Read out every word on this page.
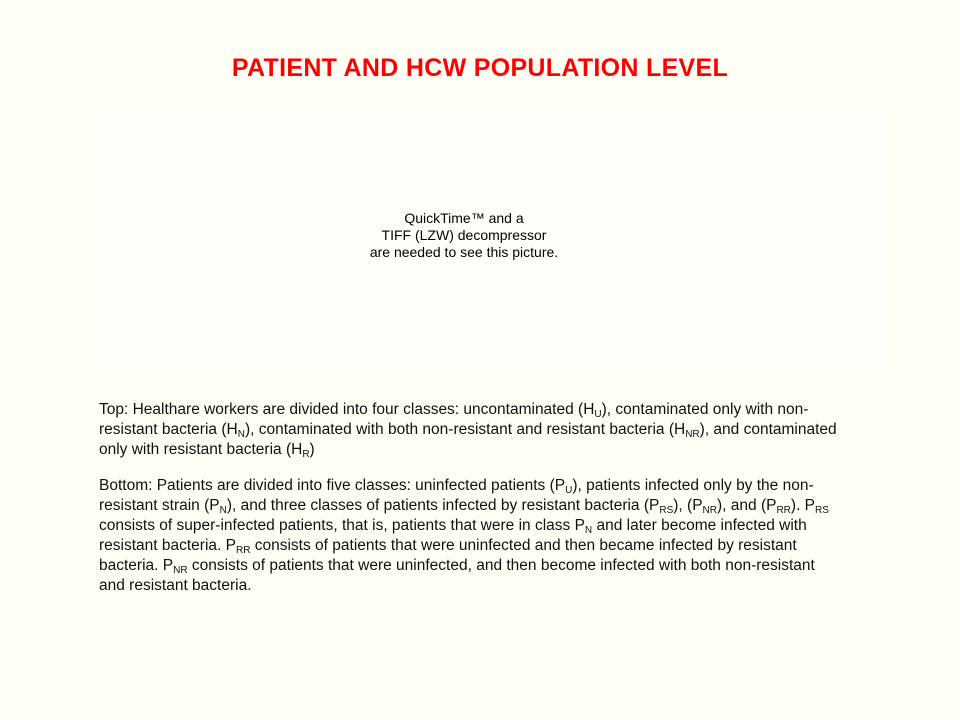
PATIENT AND HCW POPULATION LEVEL

QuickTime™ and a
TIFF (LZW) decompressor
are needed to see this picture.

Top: Healthare workers are divided into four classes: uncontaminated $(H_U)$, contaminated only with non-resistant bacteria $(H_N)$, contaminated with both non-resistant and resistant bacteria $(H_{NR})$, and contaminated only with resistant bacteria $(H_R)$

Bottom: Patients are divided into five classes: uninfected patients $(P_U)$, patients infected only by the non-resistant strain $(P_N)$, and three classes of patients infected by resistant bacteria $(P_{RS})$, $(P_{NR})$, and $(P_{RR})$. $P_{RS}$ consists of super-infected patients, that is, patients that were in class $P_N$ and later become infected with resistant bacteria. $P_{RR}$ consists of patients that were uninfected and then became infected by resistant bacteria. $P_{NR}$ consists of patients that were uninfected, and then become infected with both non-resistant and resistant bacteria.
